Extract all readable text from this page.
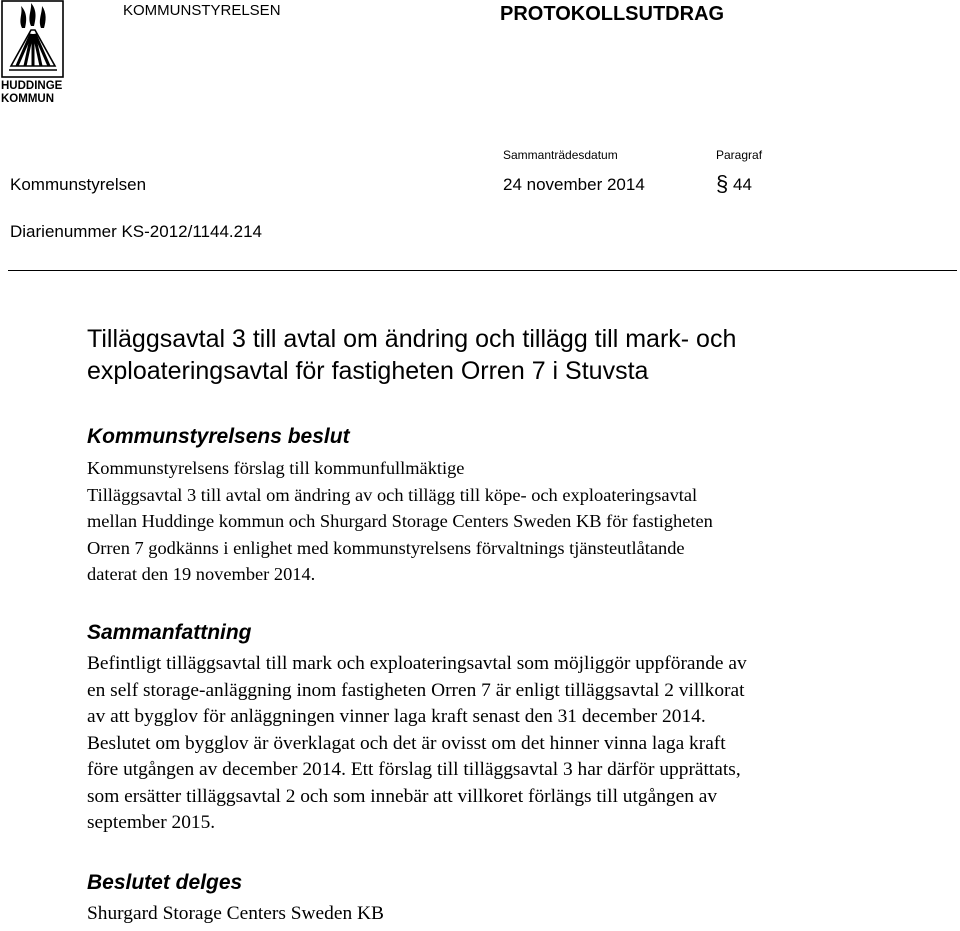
HUDDINGE
KOMMUN
KOMMUNSTYRELSEN	PROTOKOLLSUTDRAG
Sammanträdesdatum	Paragraf
Kommunstyrelsen	24 november 2014	§ 44
Diarienummer KS-2012/1144.214
Tilläggsavtal 3 till avtal om ändring och tillägg till mark- och
exploateringsavtal för fastigheten Orren 7 i Stuvsta
Kommunstyrelsens beslut
Kommunstyrelsens förslag till kommunfullmäktige
Tilläggsavtal 3 till avtal om ändring av och tillägg till köpe- och exploateringsavtal
mellan Huddinge kommun och Shurgard Storage Centers Sweden KB för fastigheten
Orren 7 godkänns i enlighet med kommunstyrelsens förvaltnings tjänsteutlåtande
daterat den 19 november 2014.
Sammanfattning
Befintligt tilläggsavtal till mark och exploateringsavtal som möjliggör uppförande av
en self storage-anläggning inom fastigheten Orren 7 är enligt tilläggsavtal 2 villkorat
av att bygglov för anläggningen vinner laga kraft senast den 31 december 2014.
Beslutet om bygglov är överklagat och det är ovisst om det hinner vinna laga kraft
före utgången av december 2014. Ett förslag till tilläggsavtal 3 har därför upprättats,
som ersätter tilläggsavtal 2 och som innebär att villkoret förlängs till utgången av
september 2015.
Beslutet delges
Shurgard Storage Centers Sweden KB
